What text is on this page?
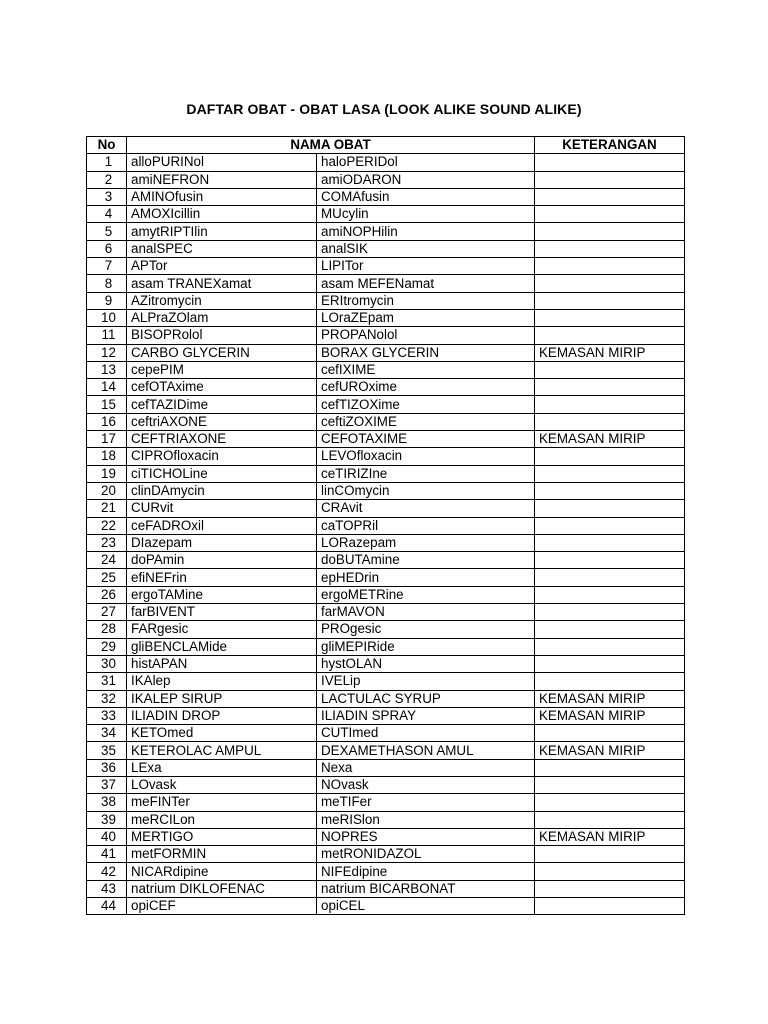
DAFTAR OBAT - OBAT LASA (LOOK ALIKE SOUND ALIKE)
No	NAMA OBAT		KETERANGAN
1	alloPURINol	haloPERIDol	
2	amiNEFRON	amiODARON	
3	AMINOfusin	COMAfusin	
4	AMOXIcillin	MUcylin	
5	amytRIPTIlin	amiNOPHilin	
6	analSPEC	analSIK	
7	APTor	LIPITor	
8	asam TRANEXamat	asam MEFENamat	
9	AZitromycin	ERItromycin	
10	ALPraZOlam	LOraZEpam	
11	BISOPRolol	PROPANolol	
12	CARBO GLYCERIN	BORAX GLYCERIN	KEMASAN MIRIP
13	cepePIM	cefIXIME	
14	cefOTAxime	cefUROxime	
15	cefTAZIDime	cefTIZOXime	
16	ceftriAXONE	ceftiZOXIME	
17	CEFTRIAXONE	CEFOTAXIME	KEMASAN MIRIP
18	CIPROfloxacin	LEVOfloxacin	
19	ciTICHOLine	ceTIRIZIne	
20	clinDAmycin	linCOmycin	
21	CURvit	CRAvit	
22	ceFADROxil	caTOPRil	
23	DIazepam	LORazepam	
24	doPAmin	doBUTAmine	
25	efiNEFrin	epHEDrin	
26	ergoTAMine	ergoMETRine	
27	farBIVENT	farMAVON	
28	FARgesic	PROgesic	
29	gliBENCLAMide	gliMEPIRide	
30	histAPAN	hystOLAN	
31	IKAlep	IVELip	
32	IKALEP SIRUP	LACTULAC SYRUP	KEMASAN MIRIP
33	ILIADIN DROP	ILIADIN SPRAY	KEMASAN MIRIP
34	KETOmed	CUTImed	
35	KETEROLAC AMPUL	DEXAMETHASON AMUL	KEMASAN MIRIP
36	LExa	Nexa	
37	LOvask	NOvask	
38	meFINTer	meTIFer	
39	meRCILon	meRISlon	
40	MERTIGO	NOPRES	KEMASAN MIRIP
41	metFORMIN	metRONIDAZOL	
42	NICARdipine	NIFEdipine	
43	natrium DIKLOFENAC	natrium BICARBONAT	
44	opiCEF	opiCEL	
